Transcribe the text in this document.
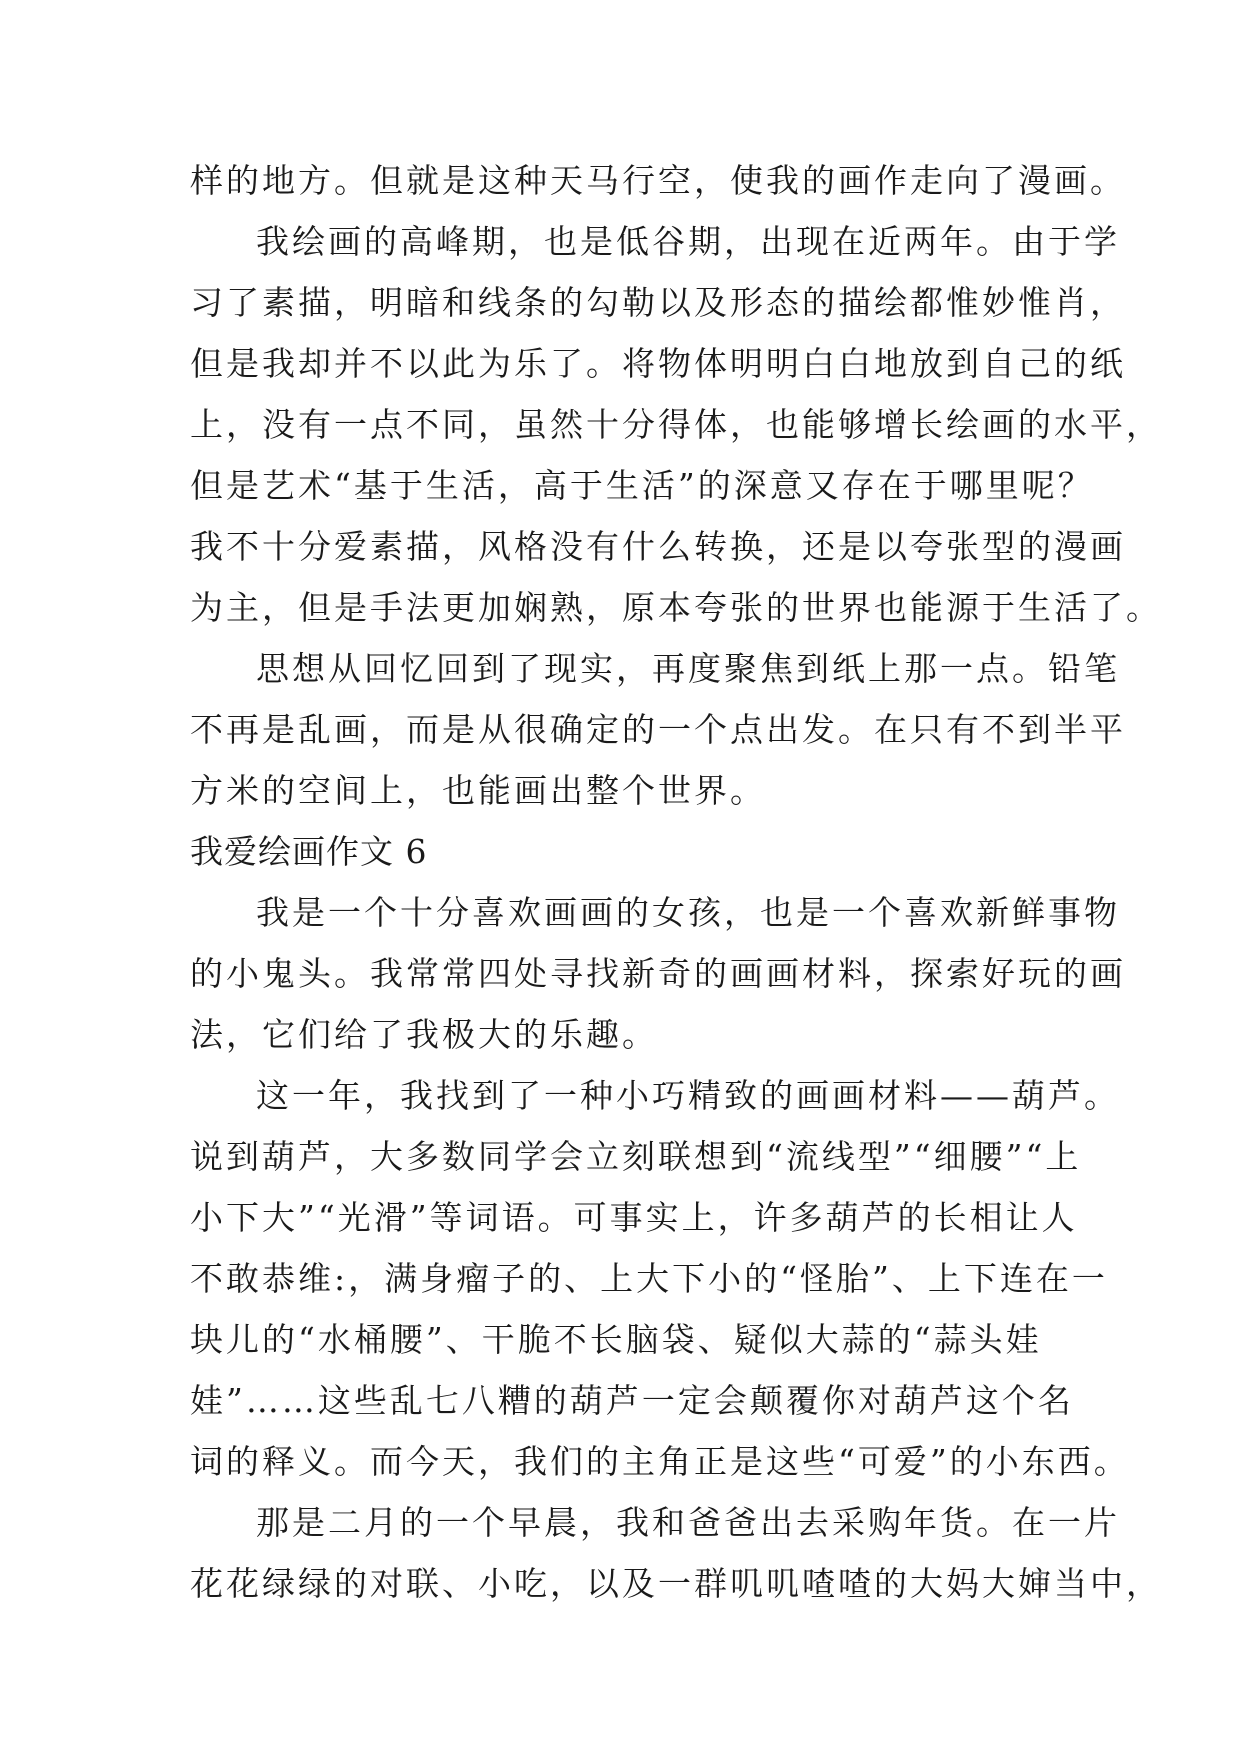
样的地方。但就是这种天马行空，使我的画作走向了漫画。
我绘画的高峰期，也是低谷期，出现在近两年。由于学
习了素描，明暗和线条的勾勒以及形态的描绘都惟妙惟肖，
但是我却并不以此为乐了。将物体明明白白地放到自己的纸
上，没有一点不同，虽然十分得体，也能够增长绘画的水平，
但是艺术“基于生活，高于生活”的深意又存在于哪里呢？
我不十分爱素描，风格没有什么转换，还是以夸张型的漫画
为主，但是手法更加娴熟，原本夸张的世界也能源于生活了。
思想从回忆回到了现实，再度聚焦到纸上那一点。铅笔
不再是乱画，而是从很确定的一个点出发。在只有不到半平
方米的空间上，也能画出整个世界。
我爱绘画作文 6
我是一个十分喜欢画画的女孩，也是一个喜欢新鲜事物
的小鬼头。我常常四处寻找新奇的画画材料，探索好玩的画
法，它们给了我极大的乐趣。
这一年，我找到了一种小巧精致的画画材料——葫芦。
说到葫芦，大多数同学会立刻联想到“流线型”“细腰”“上
小下大”“光滑”等词语。可事实上，许多葫芦的长相让人
不敢恭维:，满身瘤子的、上大下小的“怪胎”、上下连在一
块儿的“水桶腰”、干脆不长脑袋、疑似大蒜的“蒜头娃
娃”……这些乱七八糟的葫芦一定会颠覆你对葫芦这个名
词的释义。而今天，我们的主角正是这些“可爱”的小东西。
那是二月的一个早晨，我和爸爸出去采购年货。在一片
花花绿绿的对联、小吃，以及一群叽叽喳喳的大妈大婶当中，
